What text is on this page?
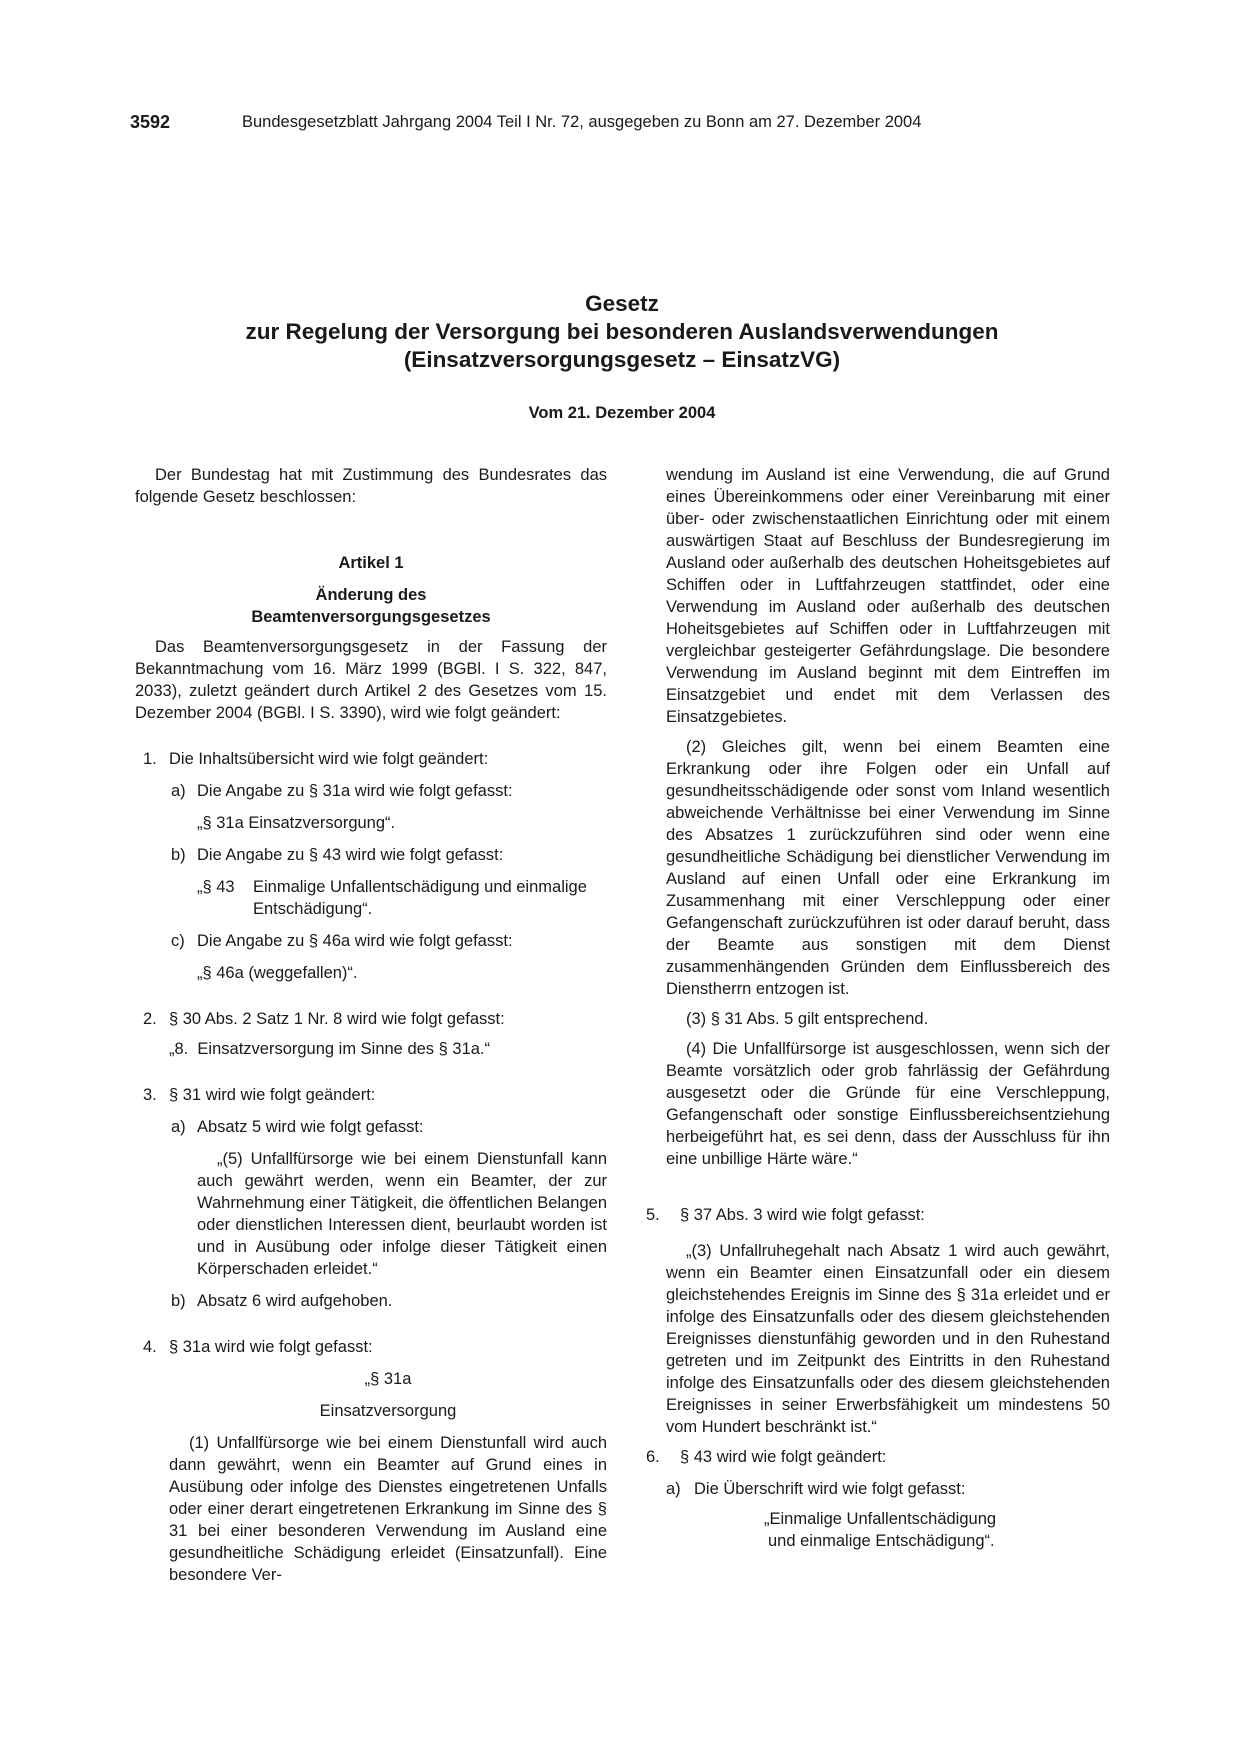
3592	Bundesgesetzblatt Jahrgang 2004 Teil I Nr. 72, ausgegeben zu Bonn am 27. Dezember 2004
Gesetz
zur Regelung der Versorgung bei besonderen Auslandsverwendungen
(Einsatzversorgungsgesetz – EinsatzVG)
Vom 21. Dezember 2004

Der Bundestag hat mit Zustimmung des Bundesrates das folgende Gesetz beschlossen:

Artikel 1

Änderung des

Beamtenversorgungsgesetzes

Das Beamtenversorgungsgesetz in der Fassung der Bekanntmachung vom 16. März 1999 (BGBl. I S. 322, 847, 2033), zuletzt geändert durch Artikel 2 des Gesetzes vom 15. Dezember 2004 (BGBl. I S. 3390), wird wie folgt geändert:

1. Die Inhaltsübersicht wird wie folgt geändert:

a) Die Angabe zu § 31a wird wie folgt gefasst:

„§ 31a Einsatzversorgung“.

b) Die Angabe zu § 43 wird wie folgt gefasst:

„§ 43 Einmalige Unfallentschädigung und einmalige Entschädigung“.
c) Die Angabe zu § 46a wird wie folgt gefasst:

„§ 46a (weggefallen)“.

2. § 30 Abs. 2 Satz 1 Nr. 8 wird wie folgt gefasst:

„8.  Einsatzversorgung im Sinne des § 31a.“

3. § 31 wird wie folgt geändert:

a) Absatz 5 wird wie folgt gefasst:

„(5) Unfallfürsorge wie bei einem Dienstunfall kann auch gewährt werden, wenn ein Beamter, der zur Wahrnehmung einer Tätigkeit, die öffentlichen Belangen oder dienstlichen Interessen dient, beurlaubt worden ist und in Ausübung oder infolge dieser Tätigkeit einen Körperschaden erleidet.“

b) Absatz 6 wird aufgehoben.

4. § 31a wird wie folgt gefasst:

„§ 31a

Einsatzversorgung

(1) Unfallfürsorge wie bei einem Dienstunfall wird auch dann gewährt, wenn ein Beamter auf Grund eines in Ausübung oder infolge des Dienstes eingetretenen Unfalls oder einer derart eingetretenen Erkrankung im Sinne des § 31 bei einer besonderen Verwendung im Ausland eine gesundheitliche Schädigung erleidet (Einsatzunfall). Eine besondere Ver-

wendung im Ausland ist eine Verwendung, die auf Grund eines Übereinkommens oder einer Vereinbarung mit einer über- oder zwischenstaatlichen Einrichtung oder mit einem auswärtigen Staat auf Beschluss der Bundesregierung im Ausland oder außerhalb des deutschen Hoheitsgebietes auf Schiffen oder in Luftfahrzeugen stattfindet, oder eine Verwendung im Ausland oder außerhalb des deutschen Hoheitsgebietes auf Schiffen oder in Luftfahrzeugen mit vergleichbar gesteigerter Gefährdungslage. Die besondere Verwendung im Ausland beginnt mit dem Eintreffen im Einsatzgebiet und endet mit dem Verlassen des Einsatzgebietes.

(2) Gleiches gilt, wenn bei einem Beamten eine Erkrankung oder ihre Folgen oder ein Unfall auf gesundheitsschädigende oder sonst vom Inland wesentlich abweichende Verhältnisse bei einer Verwendung im Sinne des Absatzes 1 zurückzuführen sind oder wenn eine gesundheitliche Schädigung bei dienstlicher Verwendung im Ausland auf einen Unfall oder eine Erkrankung im Zusammenhang mit einer Verschleppung oder einer Gefangenschaft zurückzuführen ist oder darauf beruht, dass der Beamte aus sonstigen mit dem Dienst zusammenhängenden Gründen dem Einflussbereich des Dienstherrn entzogen ist.

(3) § 31 Abs. 5 gilt entsprechend.

(4) Die Unfallfürsorge ist ausgeschlossen, wenn sich der Beamte vorsätzlich oder grob fahrlässig der Gefährdung ausgesetzt oder die Gründe für eine Verschleppung, Gefangenschaft oder sonstige Einflussbereichsentziehung herbeigeführt hat, es sei denn, dass der Ausschluss für ihn eine unbillige Härte wäre.“

5. § 37 Abs. 3 wird wie folgt gefasst:

„(3) Unfallruhegehalt nach Absatz 1 wird auch gewährt, wenn ein Beamter einen Einsatzunfall oder ein diesem gleichstehendes Ereignis im Sinne des § 31a erleidet und er infolge des Einsatzunfalls oder des diesem gleichstehenden Ereignisses dienstunfähig geworden und in den Ruhestand getreten und im Zeitpunkt des Eintritts in den Ruhestand infolge des Einsatzunfalls oder des diesem gleichstehenden Ereignisses in seiner Erwerbsfähigkeit um mindestens 50 vom Hundert beschränkt ist.“

6. § 43 wird wie folgt geändert:

a) Die Überschrift wird wie folgt gefasst:

„Einmalige Unfallentschädigung

und einmalige Entschädigung“.
